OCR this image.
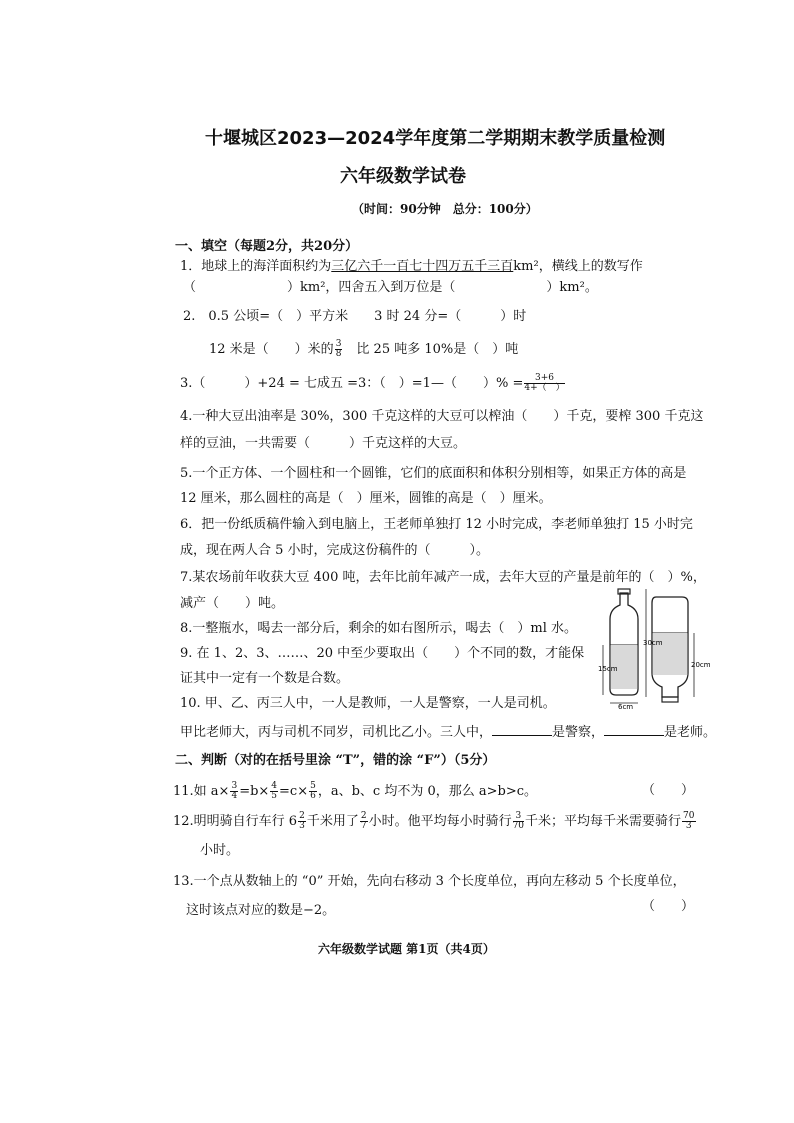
十堰城区2023—2024学年度第二学期期末教学质量检测
六年级数学试卷
（时间：90分钟　总分：100分）
一、填空（每题2分，共20分）
1．地球上的海洋面积约为三亿六千一百七十四万五千三百km²，横线上的数写作
（　　　　　　　）km²，四舍五入到万位是（　　　　　　　）km²。
2.　0.5 公顷=（　）平方米　　3 时 24 分=（　　　）时
12 米是（　　）米的 $\frac{3}{8}$ 　比 25 吨多 10%是（　）吨
3.（　　　）+24 = 七成五 =3：（　）=1—（　　）% = $\frac{3+6}{4+( )}$
4.一种大豆出油率是 30%，300 千克这样的大豆可以榨油（　　）千克，要榨 300 千克这
样的豆油，一共需要（　　　）千克这样的大豆。
5.一个正方体、一个圆柱和一个圆锥，它们的底面积和体积分别相等，如果正方体的高是
12 厘米，那么圆柱的高是（　）厘米，圆锥的高是（　）厘米。
6．把一份纸质稿件输入到电脑上，王老师单独打 12 小时完成，李老师单独打 15 小时完
成，现在两人合 5 小时，完成这份稿件的（　　　）。
7.某农场前年收获大豆 400 吨，去年比前年减产一成，去年大豆的产量是前年的（　）%，
减产（　　）吨。
8.一整瓶水，喝去一部分后，剩余的如右图所示，喝去（　）ml 水。
9. 在 1、2、3、……、20 中至少要取出（　　）个不同的数，才能保
证其中一定有一个数是合数。
10. 甲、乙、丙三人中，一人是教师，一人是警察，一人是司机。
甲比老师大，丙与司机不同岁，司机比乙小。三人中，	是警察，	是老师。
30cm
15cm	20cm
6cm
二、判断（对的在括号里涂 “T”，错的涂 “F”）（5分）
11.如 $a\times \frac{3}{4} =b\times \frac{4}{5} =c\times \frac{5}{6}$ ，a、b、c 均不为 0，那么 a>b>c。	（　　）
12.明明骑自行车行 $6 \frac{2}{3}$ 千米用了 $\frac{2}{7}$ 小时。他平均每小时骑行 $\frac{3}{70}$ 千米；平均每千米需要骑行 $\frac{70}{3}$
小时。
13.一个点从数轴上的 “0” 开始，先向右移动 3 个长度单位，再向左移动 5 个长度单位，
这时该点对应的数是−2。	（　　）
六年级数学试题 第1页（共4页）
